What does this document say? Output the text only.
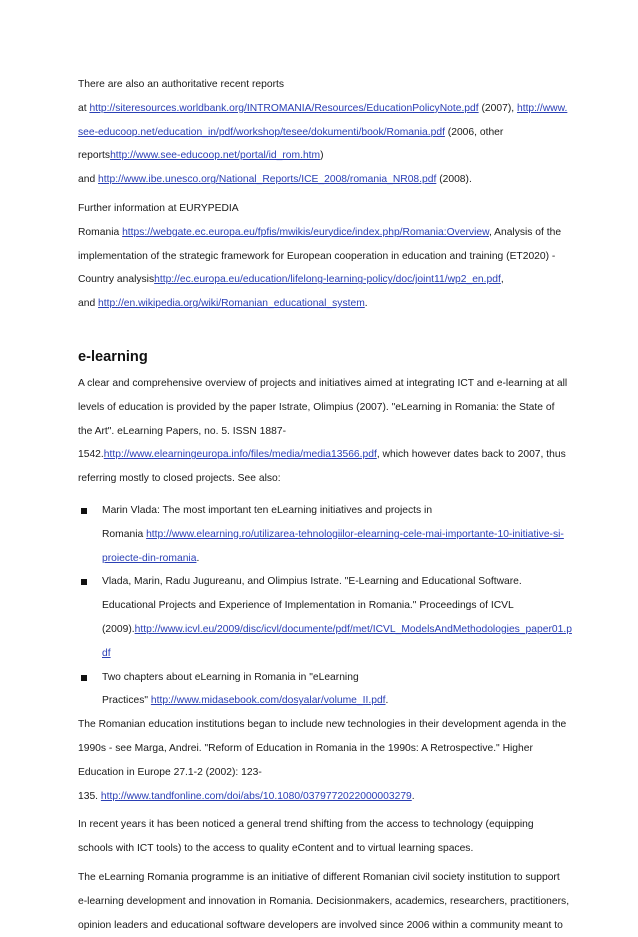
There are also an authoritative recent reports
at http://siteresources.worldbank.org/INTROMANIA/Resources/EducationPolicyNote.pdf (2007), http://www.
see-educoop.net/education_in/pdf/workshop/tesee/dokumenti/book/Romania.pdf (2006, other
reportshttp://www.see-educoop.net/portal/id_rom.htm)
and http://www.ibe.unesco.org/National_Reports/ICE_2008/romania_NR08.pdf (2008).
Further information at EURYPEDIA
Romania https://webgate.ec.europa.eu/fpfis/mwikis/eurydice/index.php/Romania:Overview, Analysis of the
implementation of the strategic framework for European cooperation in education and training (ET2020) -
Country analysishttp://ec.europa.eu/education/lifelong-learning-policy/doc/joint11/wp2_en.pdf,
and http://en.wikipedia.org/wiki/Romanian_educational_system.
e-learning
A clear and comprehensive overview of projects and initiatives aimed at integrating ICT and e-learning at all
levels of education is provided by the paper Istrate, Olimpius (2007). "eLearning in Romania: the State of
the Art". eLearning Papers, no. 5. ISSN 1887-
1542.http://www.elearningeuropa.info/files/media/media13566.pdf, which however dates back to 2007, thus
referring mostly to closed projects. See also:
Marin Vlada: The most important ten eLearning initiatives and projects in
Romania http://www.elearning.ro/utilizarea-tehnologiilor-elearning-cele-mai-importante-10-initiative-si-
proiecte-din-romania.
Vlada, Marin, Radu Jugureanu, and Olimpius Istrate. "E-Learning and Educational Software.
Educational Projects and Experience of Implementation in Romania." Proceedings of ICVL
(2009).http://www.icvl.eu/2009/disc/icvl/documente/pdf/met/ICVL_ModelsAndMethodologies_paper01.p
df
Two chapters about eLearning in Romania in "eLearning
Practices" http://www.midasebook.com/dosyalar/volume_II.pdf.
The Romanian education institutions began to include new technologies in their development agenda in the
1990s - see Marga, Andrei. "Reform of Education in Romania in the 1990s: A Retrospective." Higher
Education in Europe 27.1-2 (2002): 123-
135. http://www.tandfonline.com/doi/abs/10.1080/0379772022000003279.
In recent years it has been noticed a general trend shifting from the access to technology (equipping
schools with ICT tools) to the access to quality eContent and to virtual learning spaces.
The eLearning Romania programme is an initiative of different Romanian civil society institution to support
e-learning development and innovation in Romania. Decisionmakers, academics, researchers, practitioners,
opinion leaders and educational software developers are involved since 2006 within a community meant to
